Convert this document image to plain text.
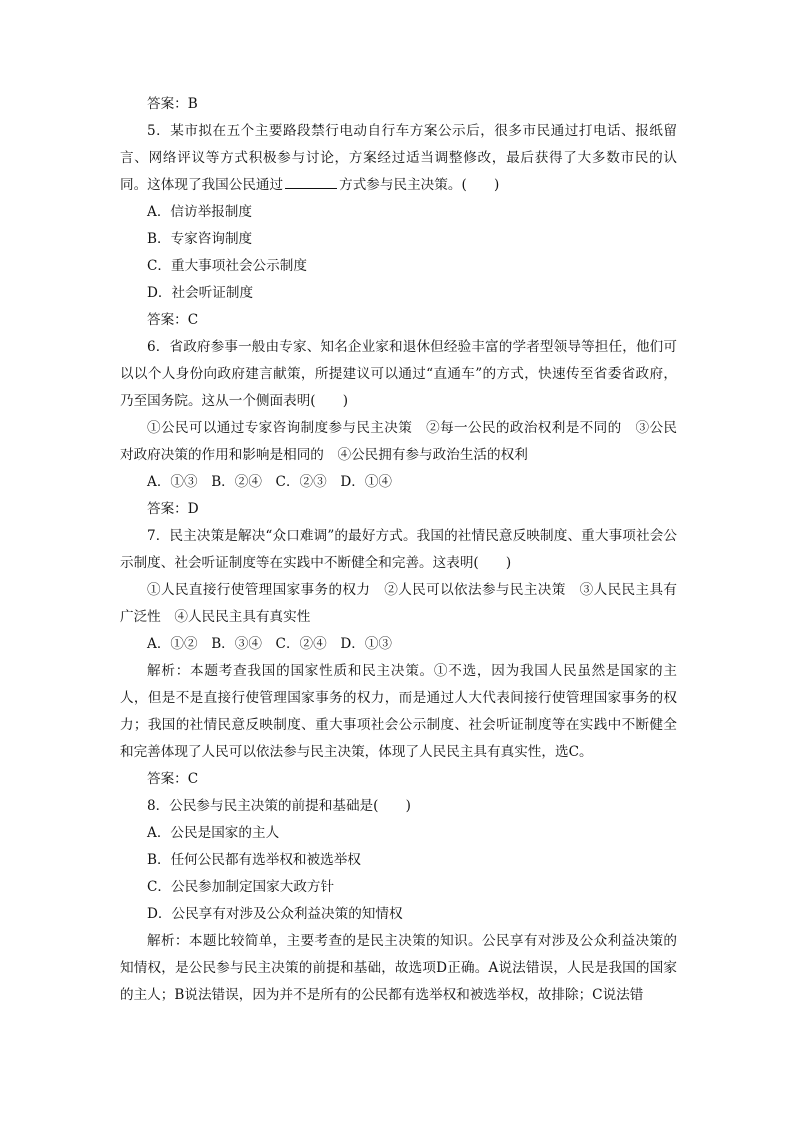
答案：B

5．某市拟在五个主要路段禁行电动自行车方案公示后，很多市民通过打电话、报纸留言、网络评议等方式积极参与讨论，方案经过适当调整修改，最后获得了大多数市民的认同。这体现了我国公民通过	方式参与民主决策。(　　)

A．信访举报制度

B．专家咨询制度

C．重大事项社会公示制度

D．社会听证制度

答案：C

6．省政府参事一般由专家、知名企业家和退休但经验丰富的学者型领导等担任，他们可以以个人身份向政府建言献策，所提建议可以通过“直通车”的方式，快速传至省委省政府，乃至国务院。这从一个侧面表明(　　)

①公民可以通过专家咨询制度参与民主决策　②每一公民的政治权利是不同的　③公民对政府决策的作用和影响是相同的　④公民拥有参与政治生活的权利

A．①③　B．②④　C．②③　D．①④

答案：D

7．民主决策是解决“众口难调”的最好方式。我国的社情民意反映制度、重大事项社会公示制度、社会听证制度等在实践中不断健全和完善。这表明(　　)

①人民直接行使管理国家事务的权力　②人民可以依法参与民主决策　③人民民主具有广泛性　④人民民主具有真实性

A．①②　B．③④　C．②④　D．①③

解析：本题考查我国的国家性质和民主决策。①不选，因为我国人民虽然是国家的主人，但是不是直接行使管理国家事务的权力，而是通过人大代表间接行使管理国家事务的权力；我国的社情民意反映制度、重大事项社会公示制度、社会听证制度等在实践中不断健全和完善体现了人民可以依法参与民主决策，体现了人民民主具有真实性，选C。

答案：C

8．公民参与民主决策的前提和基础是(　　)

A．公民是国家的主人

B．任何公民都有选举权和被选举权

C．公民参加制定国家大政方针

D．公民享有对涉及公众利益决策的知情权

解析：本题比较简单，主要考查的是民主决策的知识。公民享有对涉及公众利益决策的知情权，是公民参与民主决策的前提和基础，故选项D正确。A说法错误，人民是我国的国家的主人；B说法错误，因为并不是所有的公民都有选举权和被选举权，故排除；C说法错
